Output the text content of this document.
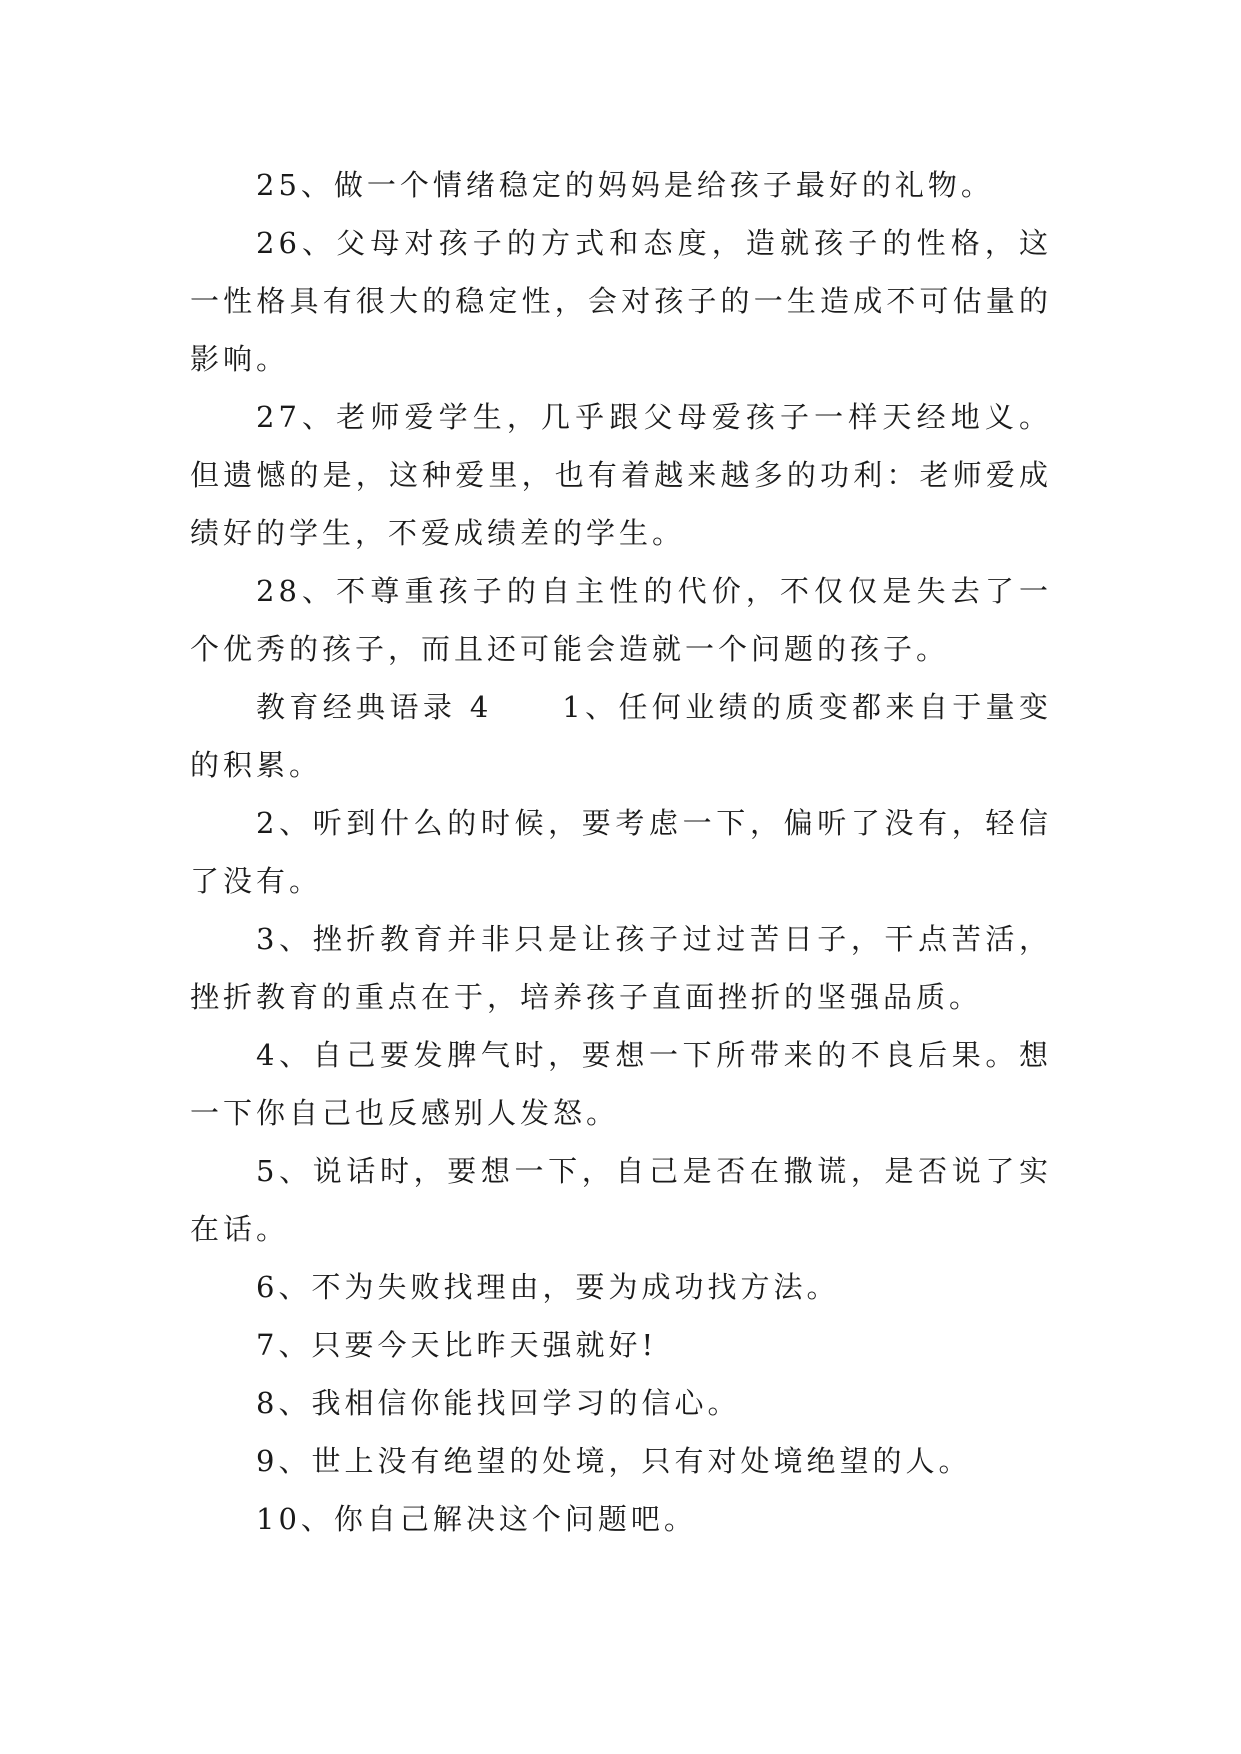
25、做一个情绪稳定的妈妈是给孩子最好的礼物。

26、父母对孩子的方式和态度，造就孩子的性格，这一性格具有很大的稳定性，会对孩子的一生造成不可估量的影响。

27、老师爱学生，几乎跟父母爱孩子一样天经地义。但遗憾的是，这种爱里，也有着越来越多的功利：老师爱成绩好的学生，不爱成绩差的学生。

28、不尊重孩子的自主性的代价，不仅仅是失去了一个优秀的孩子，而且还可能会造就一个问题的孩子。

教育经典语录 4 1、任何业绩的质变都来自于量变的积累。

2、听到什么的时候，要考虑一下，偏听了没有，轻信了没有。

3、挫折教育并非只是让孩子过过苦日子，干点苦活，挫折教育的重点在于，培养孩子直面挫折的坚强品质。

4、自己要发脾气时，要想一下所带来的不良后果。想一下你自己也反感别人发怒。

5、说话时，要想一下，自己是否在撒谎，是否说了实在话。

6、不为失败找理由，要为成功找方法。

7、只要今天比昨天强就好!

8、我相信你能找回学习的信心。

9、世上没有绝望的处境，只有对处境绝望的人。

10、你自己解决这个问题吧。
